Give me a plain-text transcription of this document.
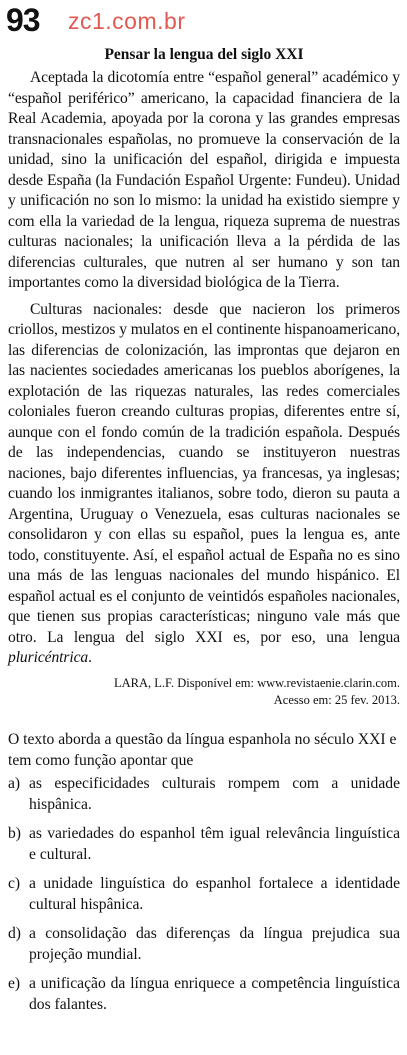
93 zc1.com.br

Pensar la lengua del siglo XXI

Aceptada la dicotomía entre “español general” académico y “español periférico” americano, la capacidad financiera de la Real Academia, apoyada por la corona y las grandes empresas transnacionales españolas, no promueve la conservación de la unidad, sino la unificación del español, dirigida e impuesta desde España (la Fundación Español Urgente: Fundeu). Unidad y unificación no son lo mismo: la unidad ha existido siempre y com ella la variedad de la lengua, riqueza suprema de nuestras culturas nacionales; la unificación lleva a la pérdida de las diferencias culturales, que nutren al ser humano y son tan importantes como la diversidad biológica de la Tierra.

Culturas nacionales: desde que nacieron los primeros criollos, mestizos y mulatos en el continente hispanoamericano, las diferencias de colonización, las improntas que dejaron en las nacientes sociedades americanas los pueblos aborígenes, la explotación de las riquezas naturales, las redes comerciales coloniales fueron creando culturas propias, diferentes entre sí, aunque con el fondo común de la tradición española. Después de las independencias, cuando se instituyeron nuestras naciones, bajo diferentes influencias, ya francesas, ya inglesas; cuando los inmigrantes italianos, sobre todo, dieron su pauta a Argentina, Uruguay o Venezuela, esas culturas nacionales se consolidaron y con ellas su español, pues la lengua es, ante todo, constituyente. Así, el español actual de España no es sino una más de las lenguas nacionales del mundo hispánico. El español actual es el conjunto de veintidós españoles nacionales, que tienen sus propias características; ninguno vale más que otro. La lengua del siglo XXI es, por eso, una lengua pluricéntrica.

LARA, L.F. Disponível em: www.revistaenie.clarin.com.
Acesso em: 25 fev. 2013.

O texto aborda a questão da língua espanhola no século XXI e tem como função apontar que

a) as especificidades culturais rompem com a unidade hispânica.
b) as variedades do espanhol têm igual relevância linguística e cultural.
c) a unidade linguística do espanhol fortalece a identidade cultural hispânica.
d) a consolidação das diferenças da língua prejudica sua projeção mundial.
e) a unificação da língua enriquece a competência linguística dos falantes.
